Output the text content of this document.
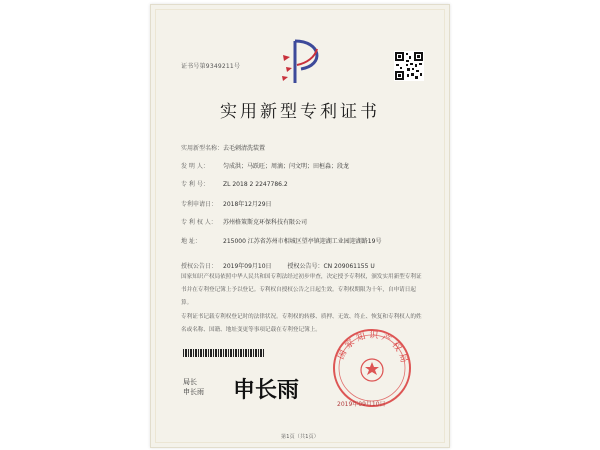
证书号第9349211号
实用新型专利证书
实用新型名称：去毛刺清洗装置
发 明 人： 匀成洪；马跃旺；周滴；闫文明；田桓淼；段龙
专 利 号： ZL 2018 2 2247786.2
专利申请日： 2018年12月29日
专 利 权 人： 苏州格策斯克环保科技有限公司
地 址：	215000 江苏省苏州市相城区望亭镇迎湖工业园迎湖路19号
授权公告日： 2019年09月10日	授权公告号：CN 209061155 U
国家知识产权局依照中华人民共和国专利法经过初步审查，决定授予专利权，颁发实用新型专利证书并在专利登记簿上予以登记。专利权自授权公告之日起生效。专利权期限为十年，自申请日起算。
专利证书记载专利权登记时的法律状况。专利权的转移、质押、无效、终止、恢复和专利权人的姓名或名称、国籍、地址变更等事项记载在专利登记簿上。
局长
申长雨 申长雨
国家知识产权局
2019年09月10日
第1页（共1页）
